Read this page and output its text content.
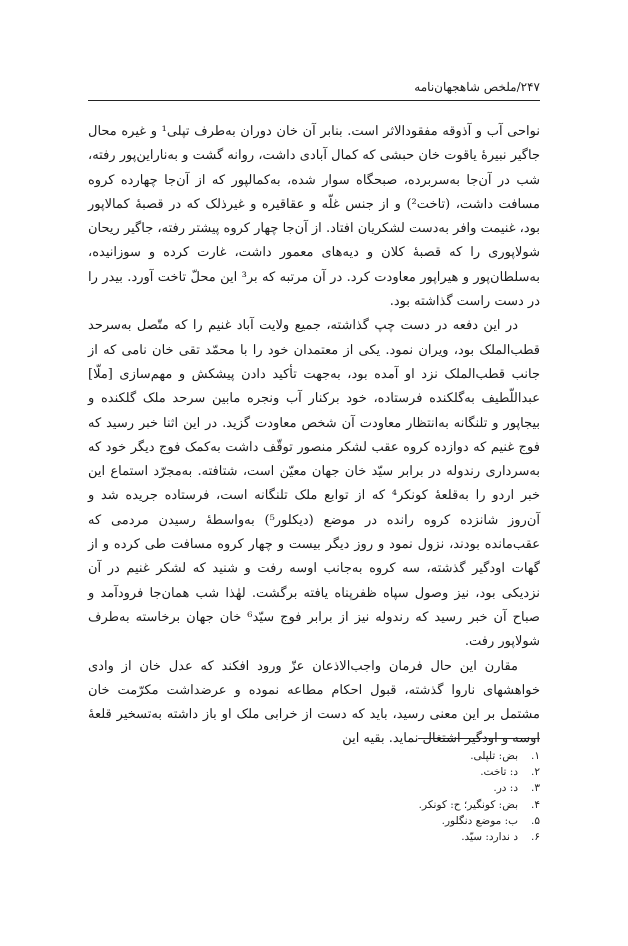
۲۴۷/ملخص شاهجهان‌نامه

نواحی آب و آذوقه مفقودالاثر است. بنابر آن خان دوران به‌طرف تپلی¹ و غیره محال جاگیر نبیرهٔ یاقوت خان حبشی که کمال آبادی داشت، روانه گشت و به‌ناراین‌پور رفته، شب در آن‌جا به‌سربرده، صبحگاه سوار شده، به‌کمالپور که از آن‌جا چهارده کروه مسافت داشت، (تاخت²) و از جنس غلّه و عقاقیره و غیرذلک که در قصبهٔ کمالاپور بود، غنیمت وافر به‌دست لشکریان افتاد. از آن‌جا چهار کروه پیشتر رفته، جاگیر ریحان شولاپوری را که قصبهٔ کلان و دیه‌های معمور داشت، غارت کرده و سوزانیده، به‌سلطان‌پور و هیراپور معاودت کرد. در آن مرتبه که بر³ این محلّ تاخت آورد. بیدر را در دست راست گذاشته بود.

در این دفعه در دست چپ گذاشته، جمیع ولایت آباد غنیم را که متّصل به‌سرحد قطب‌الملک بود، ویران نمود. یکی از معتمدان خود را با محمّد تقی خان نامی که از جانب قطب‌الملک نزد او آمده بود، به‌جهت تأکید دادن پیشکش و مهم‌سازی [ملّا] عبداللّطیف به‌گلکنده فرستاده، خود برکنار آب ونجره مابین سرحد ملک گلکنده و بیجاپور و تلنگانه به‌انتظار معاودت آن شخص معاودت گزید. در این اثنا خبر رسید که فوج غنیم که دوازده کروه عقب لشکر منصور توقّف داشت به‌کمک فوج دیگر خود که به‌سرداری رندوله در برابر سیّد خان جهان معیّن است، شتافته. به‌مجرّد استماع این خبر اردو را به‌قلعهٔ کونکر⁴ که از توابع ملک تلنگانه است، فرستاده جریده شد و آن‌روز شانزده کروه رانده در موضع (دیکلور⁵) به‌واسطهٔ رسیدن مردمی که عقب‌مانده بودند، نزول نمود و روز دیگر بیست و چهار کروه مسافت طی کرده و از گهات اودگیر گذشته، سه کروه به‌جانب اوسه رفت و شنید که لشکر غنیم در آن نزدیکی بود، نیز وصول سپاه ظفرپناه یافته برگشت. لهٰذا شب همان‌جا فرودآمد و صباح آن خبر رسید که رندوله نیز از برابر فوج سیّد⁶ خان جهان برخاسته به‌طرف شولاپور رفت.

مقارن این حال فرمان واجب‌الاذعان عزّ ورود افکند که عدل خان از وادی خواهشهای ناروا گذشته، قبول احکام مطاعه نموده و عرضداشت مکرّمت خان مشتمل بر این معنی رسید، باید که دست از خرابی ملک او باز داشته به‌تسخیر قلعهٔ اوسه و اودگیر اشتغال نماید. بقیه این

۱.بض: تلپلی.
۲.د: تاخت.
۳.د: در.
۴.بض: کونگیر؛ ح: کونکر.
۵.ب: موضع دنگلور.
۶.د ندارد: سیّد.
